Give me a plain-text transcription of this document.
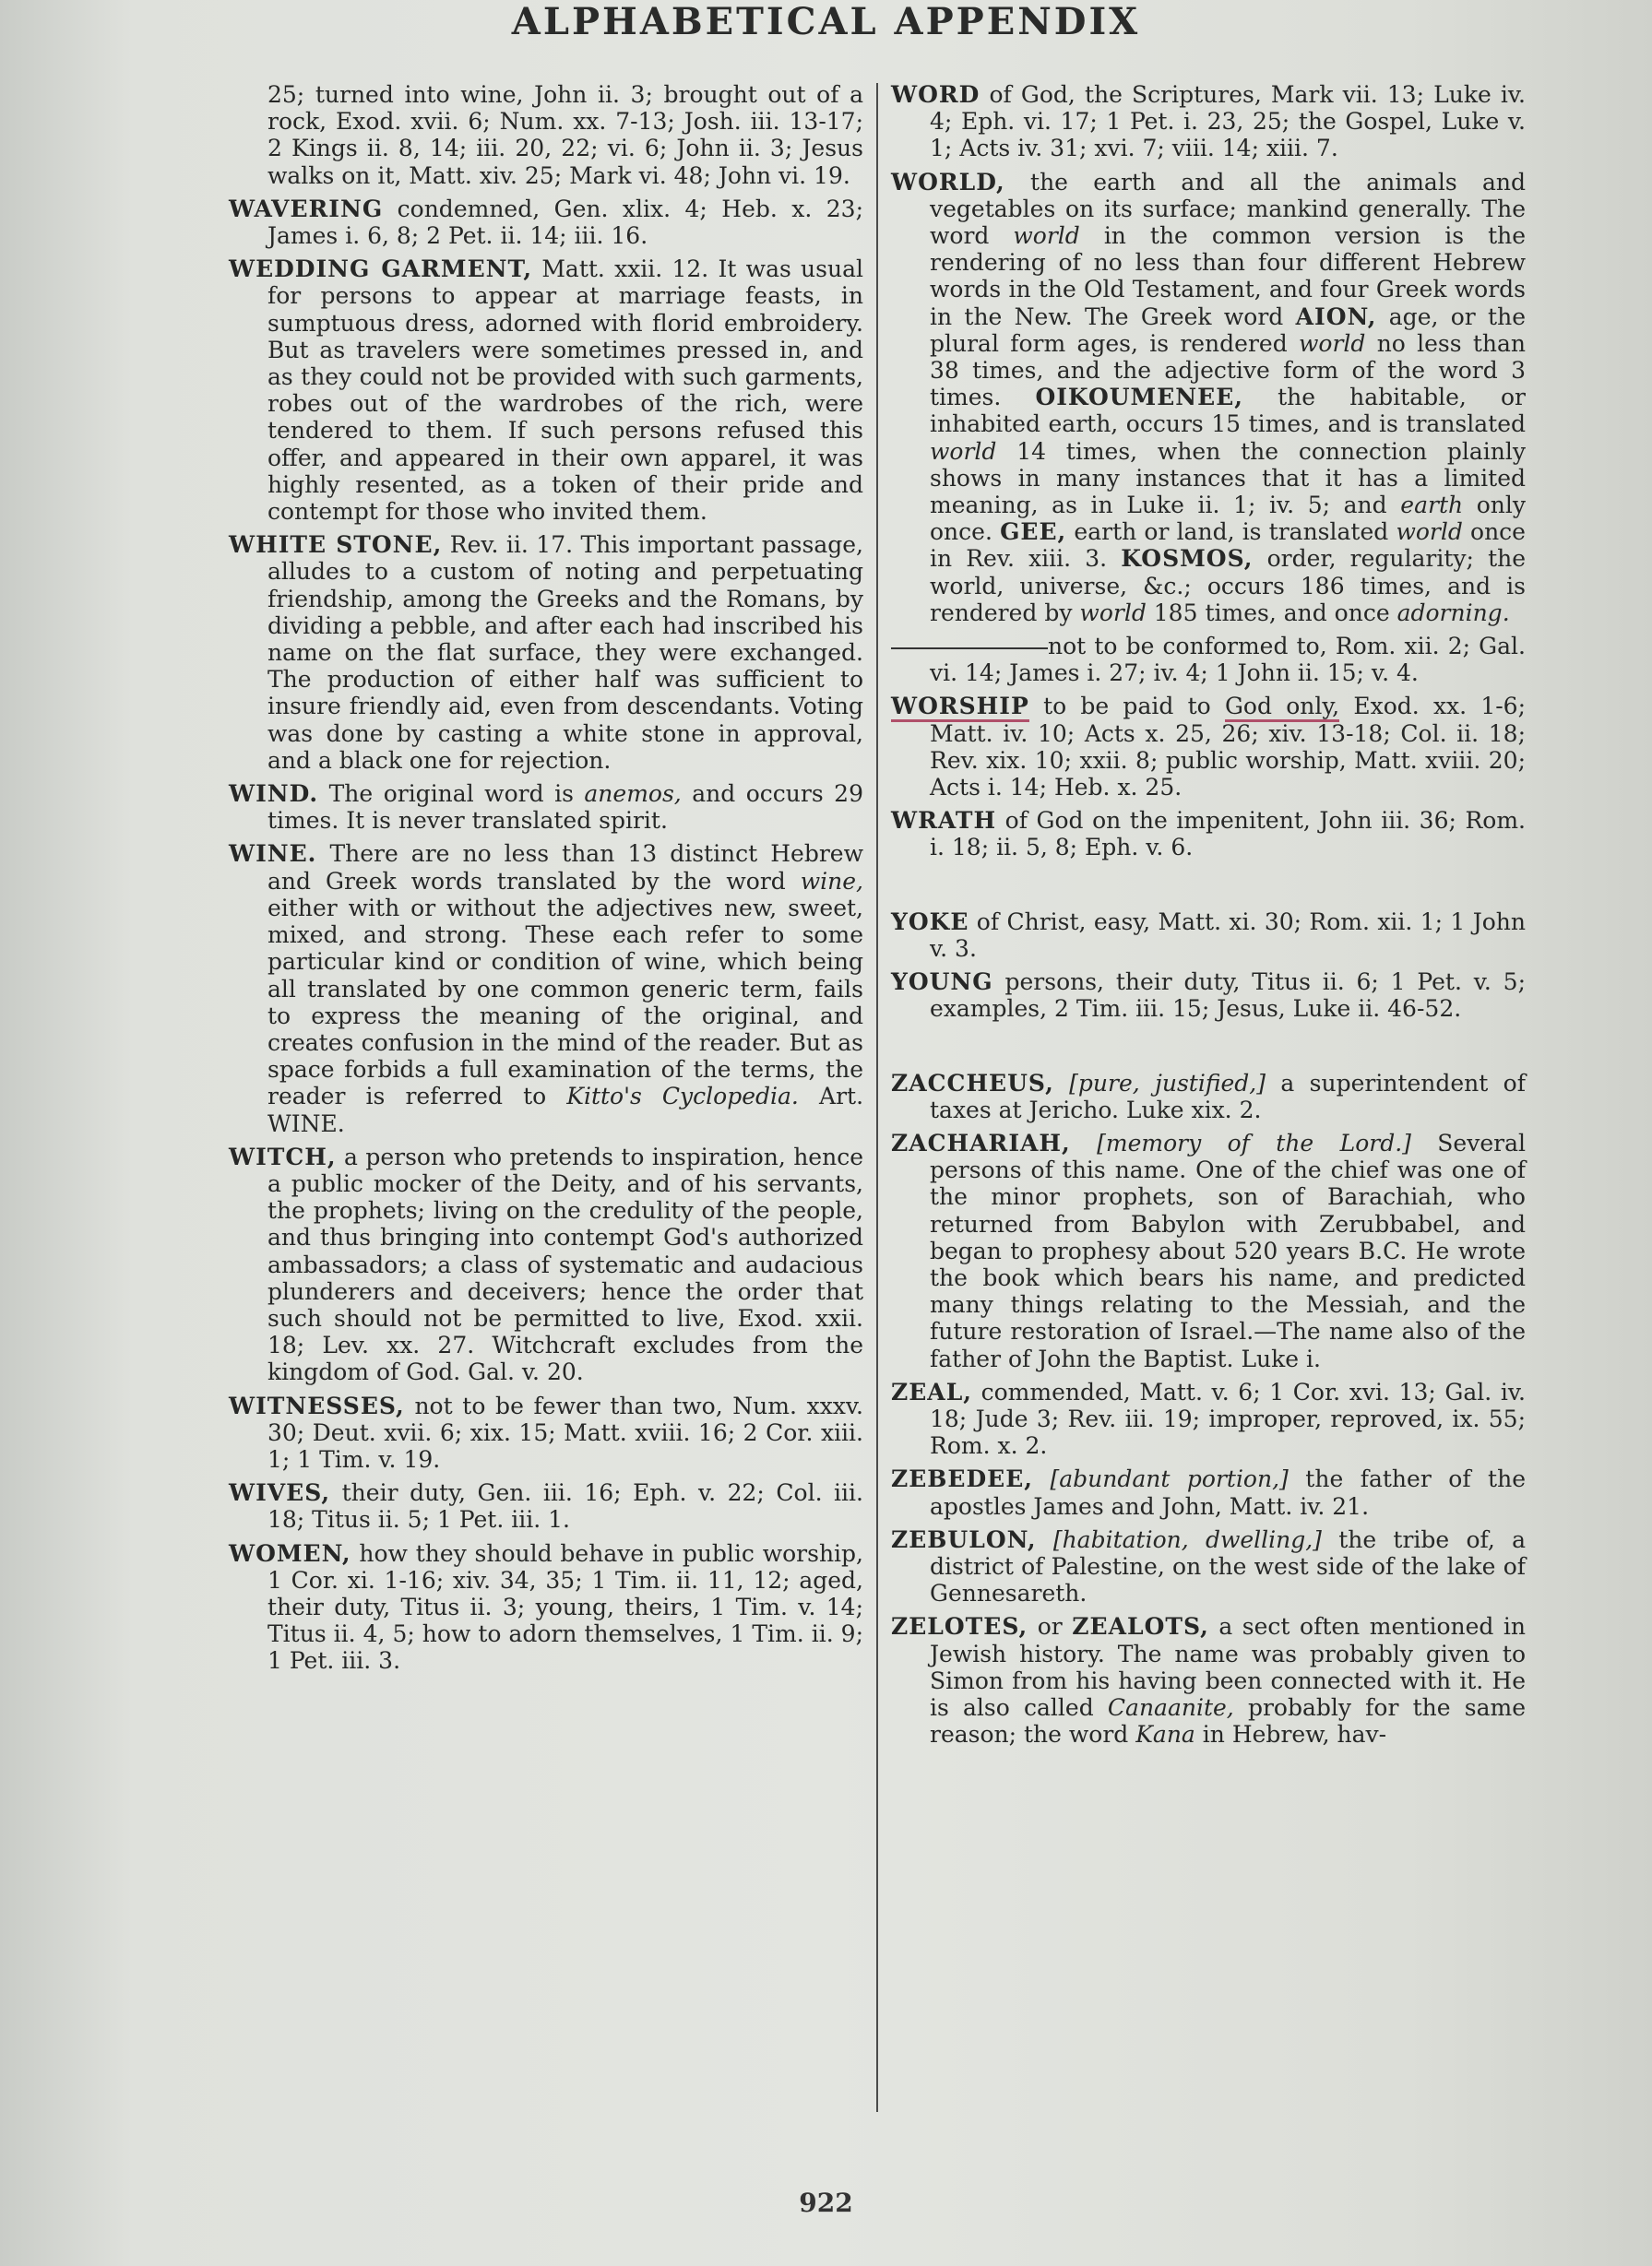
ALPHABETICAL APPENDIX

25; turned into wine, John ii. 3; brought out of a rock, Exod. xvii. 6; Num. xx. 7-13; Josh. iii. 13-17; 2 Kings ii. 8, 14; iii. 20, 22; vi. 6; John ii. 3; Jesus walks on it, Matt. xiv. 25; Mark vi. 48; John vi. 19.

WAVERING condemned, Gen. xlix. 4; Heb. x. 23; James i. 6, 8; 2 Pet. ii. 14; iii. 16.

WEDDING GARMENT, Matt. xxii. 12. It was usual for persons to appear at marriage feasts, in sumptuous dress, adorned with florid embroidery. But as travelers were sometimes pressed in, and as they could not be provided with such garments, robes out of the wardrobes of the rich, were tendered to them. If such persons refused this offer, and appeared in their own apparel, it was highly resented, as a token of their pride and contempt for those who invited them.

WHITE STONE, Rev. ii. 17. This important passage, alludes to a custom of noting and perpetuating friendship, among the Greeks and the Romans, by dividing a pebble, and after each had inscribed his name on the flat surface, they were exchanged. The production of either half was sufficient to insure friendly aid, even from descendants. Voting was done by casting a white stone in approval, and a black one for rejection.

WIND. The original word is anemos, and occurs 29 times. It is never translated spirit.

WINE. There are no less than 13 distinct Hebrew and Greek words translated by the word wine, either with or without the adjectives new, sweet, mixed, and strong. These each refer to some particular kind or condition of wine, which being all translated by one common generic term, fails to express the meaning of the original, and creates confusion in the mind of the reader. But as space forbids a full examination of the terms, the reader is referred to Kitto's Cyclopedia. Art. WINE.

WITCH, a person who pretends to inspiration, hence a public mocker of the Deity, and of his servants, the prophets; living on the credulity of the people, and thus bringing into contempt God's authorized ambassadors; a class of systematic and audacious plunderers and deceivers; hence the order that such should not be permitted to live, Exod. xxii. 18; Lev. xx. 27. Witchcraft excludes from the kingdom of God. Gal. v. 20.

WITNESSES, not to be fewer than two, Num. xxxv. 30; Deut. xvii. 6; xix. 15; Matt. xviii. 16; 2 Cor. xiii. 1; 1 Tim. v. 19.

WIVES, their duty, Gen. iii. 16; Eph. v. 22; Col. iii. 18; Titus ii. 5; 1 Pet. iii. 1.

WOMEN, how they should behave in public worship, 1 Cor. xi. 1-16; xiv. 34, 35; 1 Tim. ii. 11, 12; aged, their duty, Titus ii. 3; young, theirs, 1 Tim. v. 14; Titus ii. 4, 5; how to adorn themselves, 1 Tim. ii. 9; 1 Pet. iii. 3.

WORD of God, the Scriptures, Mark vii. 13; Luke iv. 4; Eph. vi. 17; 1 Pet. i. 23, 25; the Gospel, Luke v. 1; Acts iv. 31; xvi. 7; viii. 14; xiii. 7.

WORLD, the earth and all the animals and vegetables on its surface; mankind generally. The word world in the common version is the rendering of no less than four different Hebrew words in the Old Testament, and four Greek words in the New. The Greek word AION, age, or the plural form ages, is rendered world no less than 38 times, and the adjective form of the word 3 times. OIKOUMENEE, the habitable, or inhabited earth, occurs 15 times, and is translated world 14 times, when the connection plainly shows in many instances that it has a limited meaning, as in Luke ii. 1; iv. 5; and earth only once. GEE, earth or land, is translated world once in Rev. xiii. 3. KOSMOS, order, regularity; the world, universe, &c.; occurs 186 times, and is rendered by world 185 times, and once adorning.

not to be conformed to, Rom. xii. 2; Gal. vi. 14; James i. 27; iv. 4; 1 John ii. 15; v. 4.

WORSHIP to be paid to God only, Exod. xx. 1-6; Matt. iv. 10; Acts x. 25, 26; xiv. 13-18; Col. ii. 18; Rev. xix. 10; xxii. 8; public worship, Matt. xviii. 20; Acts i. 14; Heb. x. 25.

WRATH of God on the impenitent, John iii. 36; Rom. i. 18; ii. 5, 8; Eph. v. 6.

YOKE of Christ, easy, Matt. xi. 30; Rom. xii. 1; 1 John v. 3.

YOUNG persons, their duty, Titus ii. 6; 1 Pet. v. 5; examples, 2 Tim. iii. 15; Jesus, Luke ii. 46-52.

ZACCHEUS, [pure, justified,] a superintendent of taxes at Jericho. Luke xix. 2.

ZACHARIAH, [memory of the Lord.] Several persons of this name. One of the chief was one of the minor prophets, son of Barachiah, who returned from Babylon with Zerubbabel, and began to prophesy about 520 years B.C. He wrote the book which bears his name, and predicted many things relating to the Messiah, and the future restoration of Israel.—The name also of the father of John the Baptist. Luke i.

ZEAL, commended, Matt. v. 6; 1 Cor. xvi. 13; Gal. iv. 18; Jude 3; Rev. iii. 19; improper, reproved, ix. 55; Rom. x. 2.

ZEBEDEE, [abundant portion,] the father of the apostles James and John, Matt. iv. 21.

ZEBULON, [habitation, dwelling,] the tribe of, a district of Palestine, on the west side of the lake of Gennesareth.

ZELOTES, or ZEALOTS, a sect often mentioned in Jewish history. The name was probably given to Simon from his having been connected with it. He is also called Canaanite, probably for the same reason; the word Kana in Hebrew, hav-

922
